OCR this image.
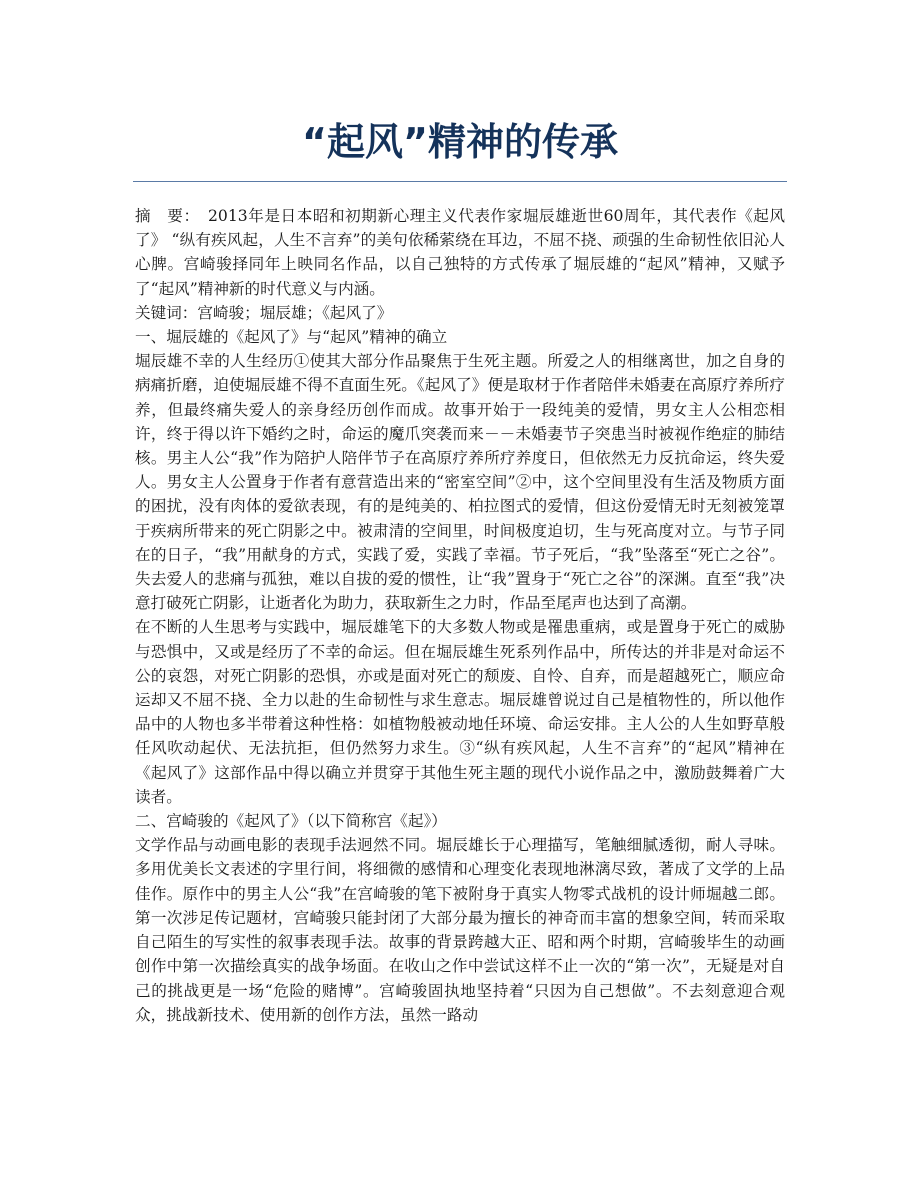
“起风”精神的传承

摘　要：　 2013年是日本昭和初期新心理主义代表作家堀辰雄逝世60周年，其代表作《起风了》 “纵有疾风起，人生不言弃”的美句依稀萦绕在耳边，不屈不挠、顽强的生命韧性依旧沁人心脾。宫崎骏择同年上映同名作品，以自己独特的方式传承了堀辰雄的“起风”精神，又赋予了“起风”精神新的时代意义与内涵。

关键词：宫崎骏；堀辰雄；《起风了》

一、堀辰雄的《起风了》与“起风”精神的确立

堀辰雄不幸的人生经历①使其大部分作品聚焦于生死主题。所爱之人的相继离世，加之自身的病痛折磨，迫使堀辰雄不得不直面生死。《起风了》便是取材于作者陪伴未婚妻在高原疗养所疗养，但最终痛失爱人的亲身经历创作而成。故事开始于一段纯美的爱情，男女主人公相恋相许，终于得以许下婚约之时，命运的魔爪突袭而来－－未婚妻节子突患当时被视作绝症的肺结核。男主人公“我”作为陪护人陪伴节子在高原疗养所疗养度日，但依然无力反抗命运，终失爱人。男女主人公置身于作者有意营造出来的“密室空间”②中，这个空间里没有生活及物质方面的困扰，没有肉体的爱欲表现，有的是纯美的、柏拉图式的爱情，但这份爱情无时无刻被笼罩于疾病所带来的死亡阴影之中。被肃清的空间里，时间极度迫切，生与死高度对立。与节子同在的日子，“我”用献身的方式，实践了爱，实践了幸福。节子死后，“我”坠落至“死亡之谷”。失去爱人的悲痛与孤独，难以自拔的爱的惯性，让“我”置身于“死亡之谷”的深渊。直至“我”决意打破死亡阴影，让逝者化为助力，获取新生之力时，作品至尾声也达到了高潮。

在不断的人生思考与实践中，堀辰雄笔下的大多数人物或是罹患重病，或是置身于死亡的威胁与恐惧中，又或是经历了不幸的命运。但在堀辰雄生死系列作品中，所传达的并非是对命运不公的哀怨，对死亡阴影的恐惧，亦或是面对死亡的颓废、自怜、自弃，而是超越死亡，顺应命运却又不屈不挠、全力以赴的生命韧性与求生意志。堀辰雄曾说过自己是植物性的，所以他作品中的人物也多半带着这种性格：如植物般被动地任环境、命运安排。主人公的人生如野草般任风吹动起伏、无法抗拒，但仍然努力求生。③“纵有疾风起，人生不言弃”的“起风”精神在《起风了》这部作品中得以确立并贯穿于其他生死主题的现代小说作品之中，激励鼓舞着广大读者。

二、宫崎骏的《起风了》（以下简称宫《起》）

文学作品与动画电影的表现手法迥然不同。堀辰雄长于心理描写，笔触细腻透彻，耐人寻味。多用优美长文表述的字里行间，将细微的感情和心理变化表现地淋漓尽致，著成了文学的上品佳作。原作中的男主人公“我”在宫崎骏的笔下被附身于真实人物零式战机的设计师堀越二郎。第一次涉足传记题材，宫崎骏只能封闭了大部分最为擅长的神奇而丰富的想象空间，转而采取自己陌生的写实性的叙事表现手法。故事的背景跨越大正、昭和两个时期，宫崎骏毕生的动画创作中第一次描绘真实的战争场面。在收山之作中尝试这样不止一次的“第一次”，无疑是对自己的挑战更是一场“危险的赌博”。宫崎骏固执地坚持着“只因为自己想做”。不去刻意迎合观众，挑战新技术、使用新的创作方法，虽然一路动
